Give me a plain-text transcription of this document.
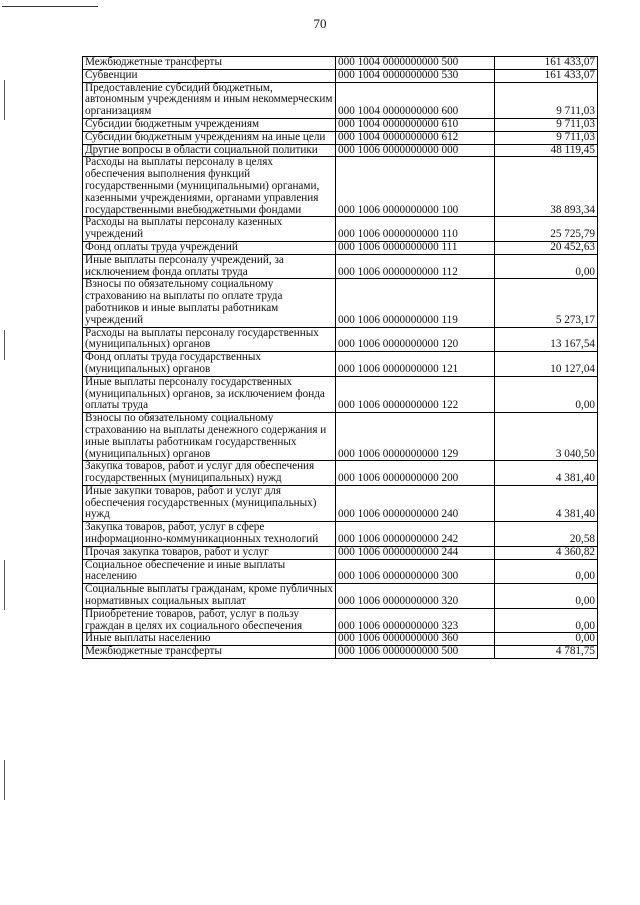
70
Межбюджетные трансферты	000 1004 0000000000 500	161 433,07
Субвенции	000 1004 0000000000 530	161 433,07
Предоставление субсидий бюджетным, автономным учреждениям и иным некоммерческим организациям	000 1004 0000000000 600	9 711,03
Субсидии бюджетным учреждениям	000 1004 0000000000 610	9 711,03
Субсидии бюджетным учреждениям на иные цели	000 1004 0000000000 612	9 711,03
Другие вопросы в области социальной политики	000 1006 0000000000 000	48 119,45
Расходы на выплаты персоналу в целях обеспечения выполнения функций государственными (муниципальными) органами, казенными учреждениями, органами управления государственными внебюджетными фондами	000 1006 0000000000 100	38 893,34
Расходы на выплаты персоналу казенных учреждений	000 1006 0000000000 110	25 725,79
Фонд оплаты труда учреждений	000 1006 0000000000 111	20 452,63
Иные выплаты персоналу учреждений, за исключением фонда оплаты труда	000 1006 0000000000 112	0,00
Взносы по обязательному социальному страхованию на выплаты по оплате труда работников и иные выплаты работникам учреждений	000 1006 0000000000 119	5 273,17
Расходы на выплаты персоналу государственных (муниципальных) органов	000 1006 0000000000 120	13 167,54
Фонд оплаты труда государственных (муниципальных) органов	000 1006 0000000000 121	10 127,04
Иные выплаты персоналу государственных (муниципальных) органов, за исключением фонда оплаты труда	000 1006 0000000000 122	0,00
Взносы по обязательному социальному страхованию на выплаты денежного содержания и иные выплаты работникам государственных (муниципальных) органов	000 1006 0000000000 129	3 040,50
Закупка товаров, работ и услуг для обеспечения государственных (муниципальных) нужд	000 1006 0000000000 200	4 381,40
Иные закупки товаров, работ и услуг для обеспечения государственных (муниципальных) нужд	000 1006 0000000000 240	4 381,40
Закупка товаров, работ, услуг в сфере информационно-коммуникационных технологий	000 1006 0000000000 242	20,58
Прочая закупка товаров, работ и услуг	000 1006 0000000000 244	4 360,82
Социальное обеспечение и иные выплаты населению	000 1006 0000000000 300	0,00
Социальные выплаты гражданам, кроме публичных нормативных социальных выплат	000 1006 0000000000 320	0,00
Приобретение товаров, работ, услуг в пользу граждан в целях их социального обеспечения	000 1006 0000000000 323	0,00
Иные выплаты населению	000 1006 0000000000 360	0,00
Межбюджетные трансферты	000 1006 0000000000 500	4 781,75
